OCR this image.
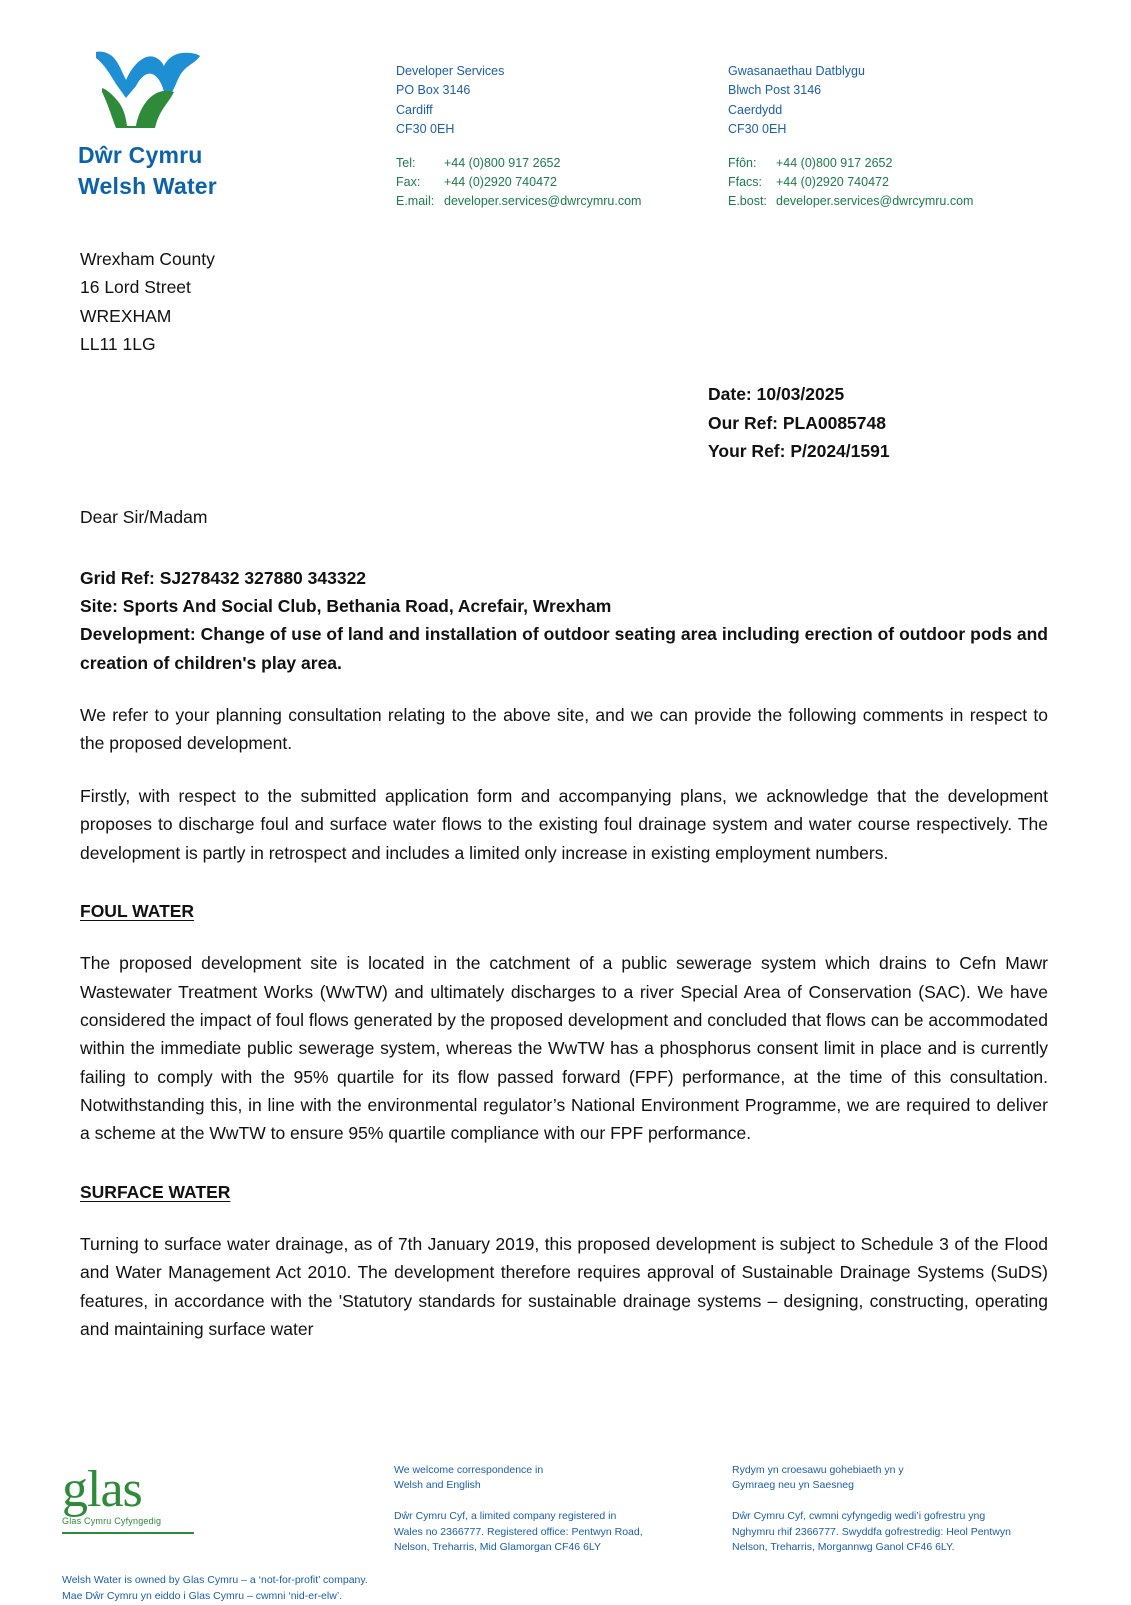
Dŵr Cymru
Welsh Water
Developer Services
PO Box 3146
Cardiff
CF30 0EH
Tel: +44 (0)800 917 2652
Fax: +44 (0)2920 740472
E.mail: developer.services@dwrcymru.com
Gwasanaethau Datblygu
Blwch Post 3146
Caerdydd
CF30 0EH
Ffôn: +44 (0)800 917 2652
Ffacs: +44 (0)2920 740472
E.bost: developer.services@dwrcymru.com
Wrexham County
16 Lord Street
WREXHAM
LL11 1LG
Date: 10/03/2025
Our Ref: PLA0085748
Your Ref: P/2024/1591
Dear Sir/Madam
Grid Ref: SJ278432 327880 343322
Site: Sports And Social Club, Bethania Road, Acrefair, Wrexham
Development: Change of use of land and installation of outdoor seating area including erection of outdoor pods and creation of children's play area.

We refer to your planning consultation relating to the above site, and we can provide the following comments in respect to the proposed development.

Firstly, with respect to the submitted application form and accompanying plans, we acknowledge that the development proposes to discharge foul and surface water flows to the existing foul drainage system and water course respectively. The development is partly in retrospect and includes a limited only increase in existing employment numbers.

FOUL WATER

The proposed development site is located in the catchment of a public sewerage system which drains to Cefn Mawr Wastewater Treatment Works (WwTW) and ultimately discharges to a river Special Area of Conservation (SAC). We have considered the impact of foul flows generated by the proposed development and concluded that flows can be accommodated within the immediate public sewerage system, whereas the WwTW has a phosphorus consent limit in place and is currently failing to comply with the 95% quartile for its flow passed forward (FPF) performance, at the time of this consultation. Notwithstanding this, in line with the environmental regulator’s National Environment Programme, we are required to deliver a scheme at the WwTW to ensure 95% quartile compliance with our FPF performance.

SURFACE WATER

Turning to surface water drainage, as of 7th January 2019, this proposed development is subject to Schedule 3 of the Flood and Water Management Act 2010. The development therefore requires approval of Sustainable Drainage Systems (SuDS) features, in accordance with the 'Statutory standards for sustainable drainage systems – designing, constructing, operating and maintaining surface water

glas
Glas Cymru Cyfyngedig
Welsh Water is owned by Glas Cymru – a ‘not-for-profit’ company.
Mae Dŵr Cymru yn eiddo i Glas Cymru – cwmni ‘nid-er-elw’.
We welcome correspondence in
Welsh and English
Dŵr Cymru Cyf, a limited company registered in
Wales no 2366777. Registered office: Pentwyn Road,
Nelson, Treharris, Mid Glamorgan CF46 6LY
Rydym yn croesawu gohebiaeth yn y
Gymraeg neu yn Saesneg
Dŵr Cymru Cyf, cwmni cyfyngedig wedi’i gofrestru yng
Nghymru rhif 2366777. Swyddfa gofrestredig: Heol Pentwyn
Nelson, Treharris, Morgannwg Ganol CF46 6LY.
